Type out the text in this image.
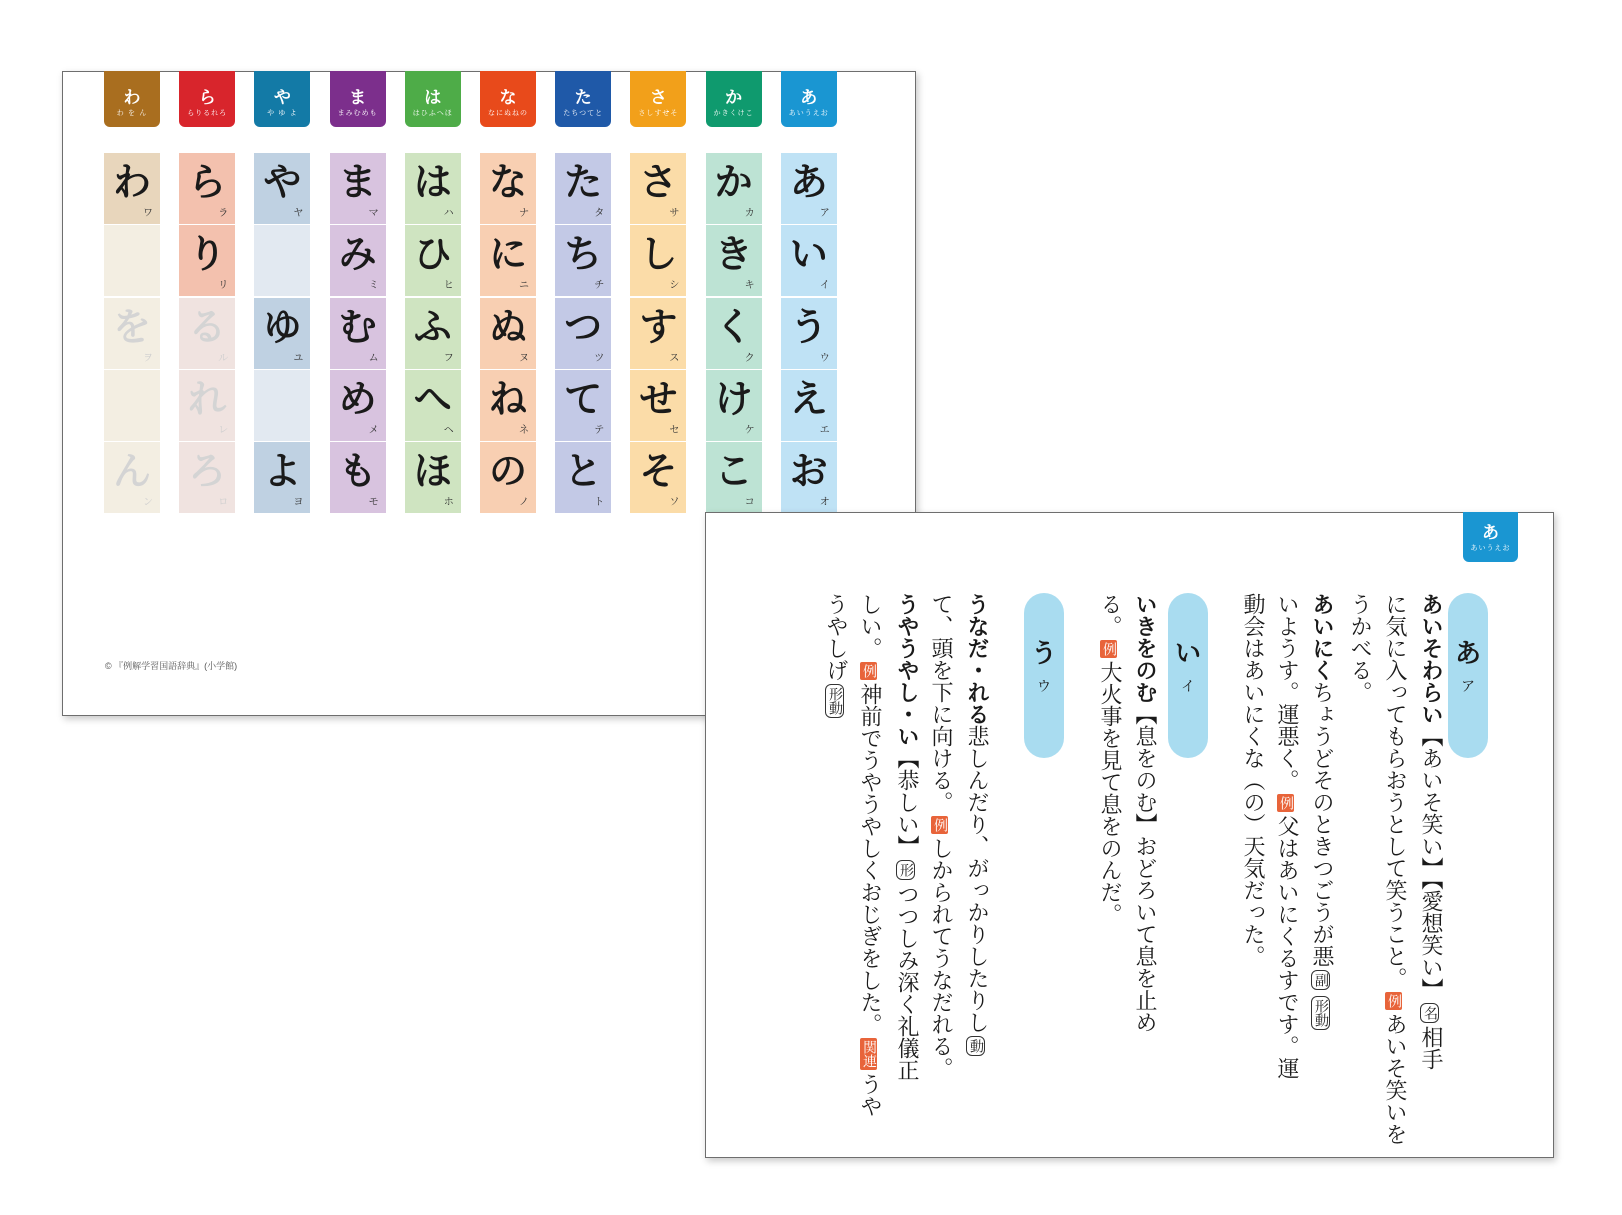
わ
わ を ん
ら
らりるれろ
や
や ゆ よ
ま
まみむめも
は
はひふへほ
な
なにぬねの
た
たちつてと
さ
さしすせそ
か
かきくけこ
あ
あいうえお
わ
ワ
を
ヲ
ん
ン
ら
ラ
り
リ
る
ル
れ
レ
ろ
ロ
や
ヤ
ゆ
ユ
よ
ヨ
ま
マ
み
ミ
む
ム
め
メ
も
モ
は
ハ
ひ
ヒ
ふ
フ
へ
ヘ
ほ
ホ
な
ナ
に
ニ
ぬ
ヌ
ね
ネ
の
ノ
た
タ
ち
チ
つ
ツ
て
テ
と
ト
さ
サ
し
シ
す
ス
せ
セ
そ
ソ
か
カ
き
キ
く
ク
け
ケ
こ
コ
あ
ア
い
イ
う
ウ
え
エ
お
オ
© 『例解学習国語辞典』(小学館)
あ
あいうえお
あ
ア
い
イ
う
ウ	あいそわらい【あいそ笑い】【愛想笑い】名相手
に気に入ってもらおうとして笑うこと。例あいそ笑いを
うかべる。
あいにくちょうどそのときつごうが悪副形動
いようす。運悪く。例父はあいにくるすです。運
動会はあいにくな（の）天気だった。
いきをのむ【息をのむ】おどろいて息を止め
る。例大火事を見て息をのんだ。
うなだ・れる悲しんだり、がっかりしたりし動
て、頭を下に向ける。例しかられてうなだれる。
うやうやし・い【恭しい】形つつしみ深く礼儀正
しい。例神前でうやうやしくおじぎをした。関連うや
うやしげ形動
